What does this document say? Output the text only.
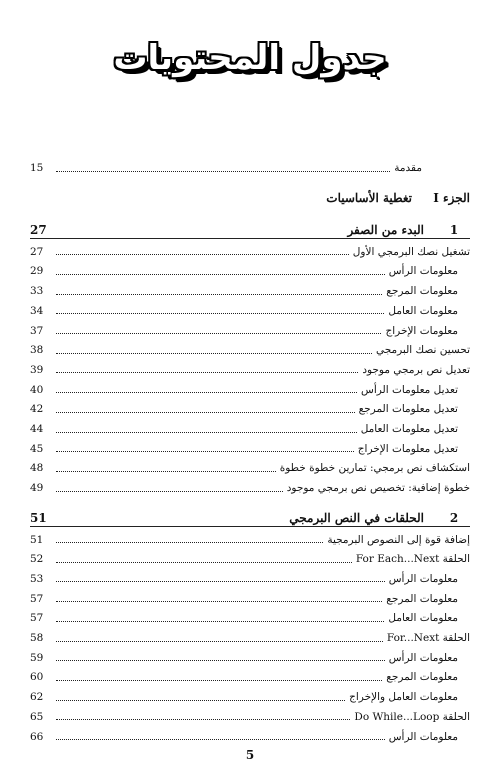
جدول المحتويات
مقدمة
15
الجزء I
تغطية الأساسيات
1
البدء من الصفر
27
تشغيل نصك البرمجي الأول
27
معلومات الرأس
29
معلومات المرجع
33
معلومات العامل
34
معلومات الإخراج
37
تحسين نصك البرمجي
38
تعديل نص برمجي موجود
39
تعديل معلومات الرأس
40
تعديل معلومات المرجع
42
تعديل معلومات العامل
44
تعديل معلومات الإخراج
45
استكشاف نص برمجي: تمارين خطوة خطوة
48
خطوة إضافية: تخصيص نص برمجي موجود
49
2
الحلقات في النص البرمجي
51
إضافة قوة إلى النصوص البرمجية
51
الحلقة For Each...Next
52
معلومات الرأس
53
معلومات المرجع
57
معلومات العامل
57
الحلقة For...Next
58
معلومات الرأس
59
معلومات المرجع
60
معلومات العامل والإخراج
62
الحلقة Do While...Loop
65
معلومات الرأس
66
5
